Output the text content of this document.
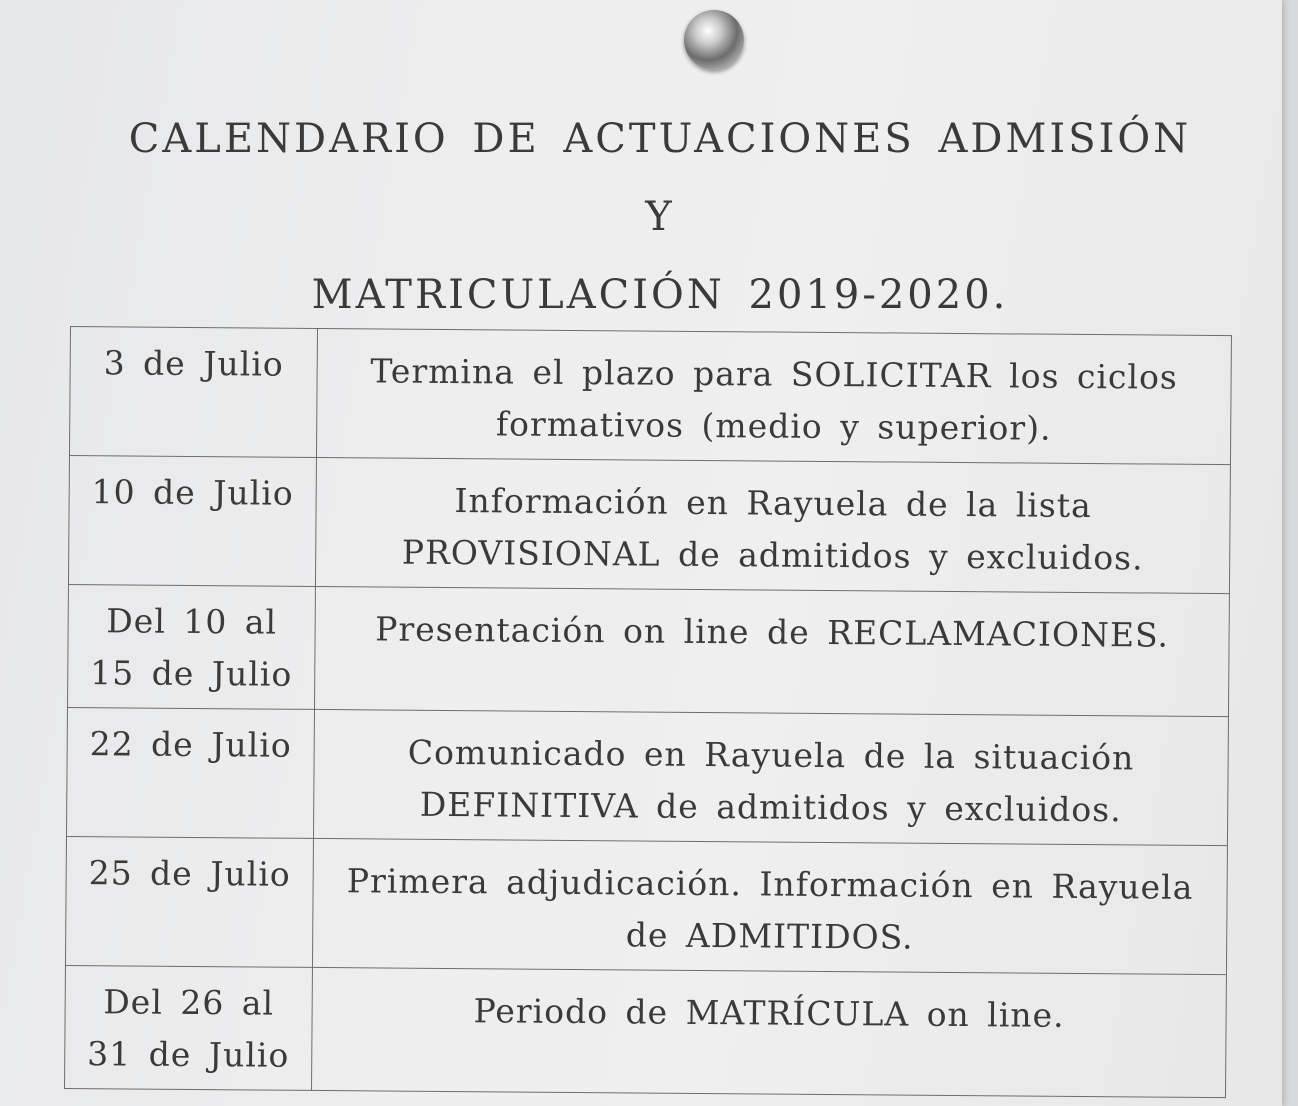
CALENDARIO DE ACTUACIONES ADMISIÓN Y
MATRICULACIÓN 2019-2020.
3 de Julio	Termina el plazo para SOLICITAR los ciclos formativos (medio y superior).
10 de Julio	Información en Rayuela de la lista PROVISIONAL de admitidos y excluidos.
Del 10 al 15 de Julio	Presentación on line de RECLAMACIONES.
22 de Julio	Comunicado en Rayuela de la situación DEFINITIVA de admitidos y excluidos.
25 de Julio	Primera adjudicación. Información en Rayuela de ADMITIDOS.
Del 26 al 31 de Julio	Periodo de MATRÍCULA on line.
